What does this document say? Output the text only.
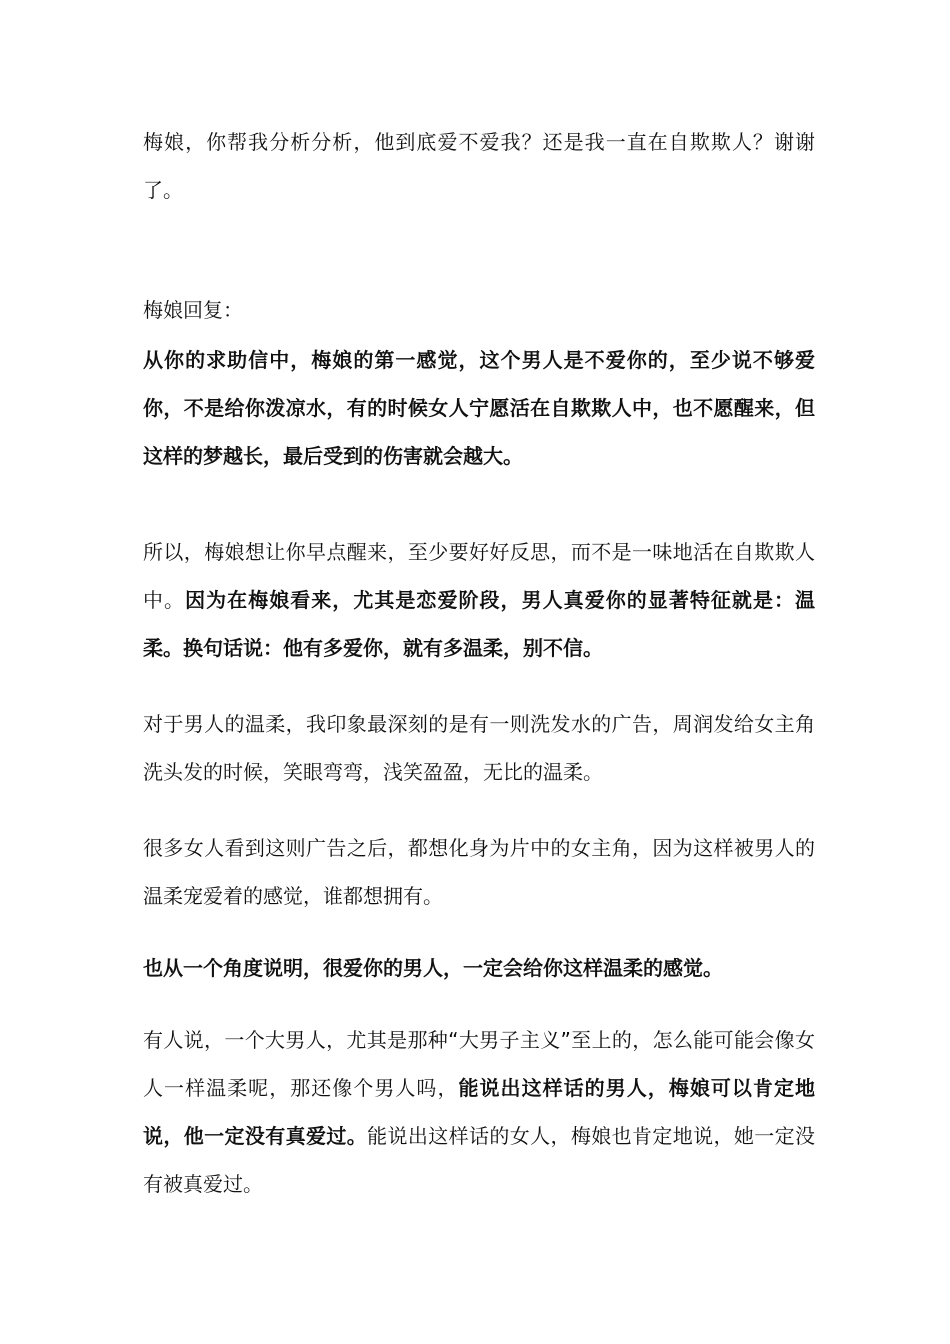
梅娘，你帮我分析分析，他到底爱不爱我？还是我一直在自欺欺人？谢谢了。

梅娘回复：

从你的求助信中，梅娘的第一感觉，这个男人是不爱你的，至少说不够爱你，不是给你泼凉水，有的时候女人宁愿活在自欺欺人中，也不愿醒来，但这样的梦越长，最后受到的伤害就会越大。

所以，梅娘想让你早点醒来，至少要好好反思，而不是一味地活在自欺欺人中。因为在梅娘看来，尤其是恋爱阶段，男人真爱你的显著特征就是：温柔。换句话说：他有多爱你，就有多温柔，别不信。

对于男人的温柔，我印象最深刻的是有一则洗发水的广告，周润发给女主角洗头发的时候，笑眼弯弯，浅笑盈盈，无比的温柔。

很多女人看到这则广告之后，都想化身为片中的女主角，因为这样被男人的温柔宠爱着的感觉，谁都想拥有。

也从一个角度说明，很爱你的男人，一定会给你这样温柔的感觉。

有人说，一个大男人，尤其是那种“大男子主义”至上的，怎么能可能会像女人一样温柔呢，那还像个男人吗，能说出这样话的男人，梅娘可以肯定地说，他一定没有真爱过。能说出这样话的女人，梅娘也肯定地说，她一定没有被真爱过。
